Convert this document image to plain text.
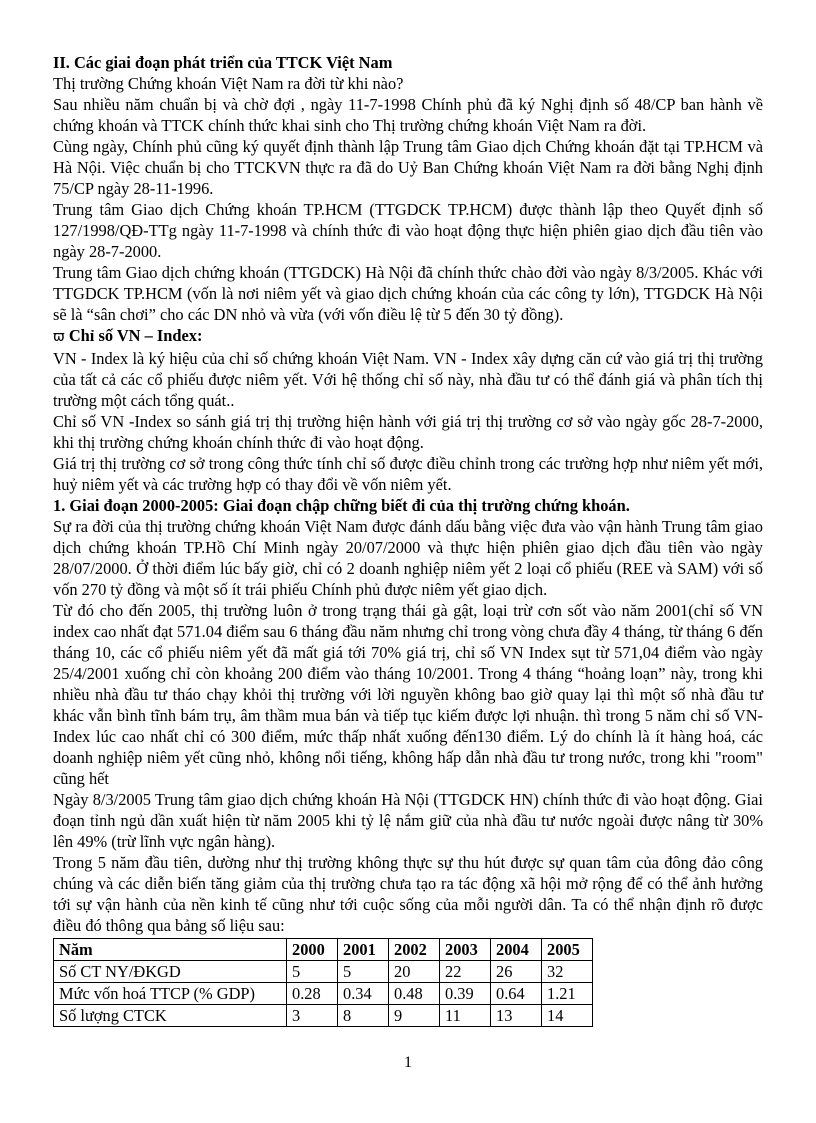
II. Các giai đoạn phát triển của TTCK Việt Nam

Thị trường Chứng khoán Việt Nam ra đời từ khi nào?

Sau nhiều năm chuẩn bị và chờ đợi , ngày 11-7-1998 Chính phủ đã ký Nghị định số 48/CP ban hành về chứng khoán và TTCK chính thức khai sinh cho Thị trường chứng khoán Việt Nam ra đời.

Cùng ngày, Chính phủ cũng ký quyết định thành lập Trung tâm Giao dịch Chứng khoán đặt tại TP.HCM và Hà Nội. Việc chuẩn bị cho TTCKVN thực ra đã do Uỷ Ban Chứng khoán Việt Nam ra đời bằng Nghị định 75/CP ngày 28-11-1996.

Trung tâm Giao dịch Chứng khoán TP.HCM (TTGDCK TP.HCM) được thành lập theo Quyết định số 127/1998/QĐ-TTg ngày 11-7-1998 và chính thức đi vào hoạt động thực hiện phiên giao dịch đầu tiên vào ngày 28-7-2000.

Trung tâm Giao dịch chứng khoán (TTGDCK) Hà Nội đã chính thức chào đời vào ngày 8/3/2005. Khác với TTGDCK TP.HCM (vốn là nơi niêm yết và giao dịch chứng khoán của các công ty lớn), TTGDCK Hà Nội sẽ là “sân chơi” cho các DN nhỏ và vừa (với vốn điều lệ từ 5 đến 30 tỷ đồng).

ϖ Chỉ số VN – Index:

VN - Index là ký hiệu của chỉ số chứng khoán Việt Nam. VN - Index xây dựng căn cứ vào giá trị thị trường của tất cả các cổ phiếu được niêm yết. Với hệ thống chỉ số này, nhà đầu tư có thể đánh giá và phân tích thị trường một cách tổng quát..

Chỉ số VN -Index so sánh giá trị thị trường hiện hành với giá trị thị trường cơ sở vào ngày gốc 28-7-2000, khi thị trường chứng khoán chính thức đi vào hoạt động.

Giá trị thị trường cơ sở trong công thức tính chỉ số được điều chỉnh trong các trường hợp như niêm yết mới, huỷ niêm yết và các trường hợp có thay đổi về vốn niêm yết.

1. Giai đoạn 2000-2005: Giai đoạn chập chững biết đi của thị trường chứng khoán.

Sự ra đời của thị trường chứng khoán Việt Nam được đánh dấu bằng việc đưa vào vận hành Trung tâm giao dịch chứng khoán TP.Hồ Chí Minh ngày 20/07/2000 và thực hiện phiên giao dịch đầu tiên vào ngày 28/07/2000. Ở thời điểm lúc bấy giờ, chỉ có 2 doanh nghiệp niêm yết 2 loại cổ phiếu (REE và SAM) với số vốn 270 tỷ đồng và một số ít trái phiếu Chính phủ được niêm yết giao dịch.

Từ đó cho đến 2005, thị trường luôn ở trong trạng thái gà gật, loại trừ cơn sốt vào năm 2001(chỉ số VN index cao nhất đạt 571.04 điểm sau 6 tháng đầu năm nhưng chỉ trong vòng chưa đầy 4 tháng, từ tháng 6 đến tháng 10, các cổ phiếu niêm yết đã mất giá tới 70% giá trị, chỉ số VN Index sụt từ 571,04 điểm vào ngày 25/4/2001 xuống chỉ còn khoảng 200 điểm vào tháng 10/2001. Trong 4 tháng “hoảng loạn” này, trong khi nhiều nhà đầu tư tháo chạy khỏi thị trường với lời nguyền không bao giờ quay lại thì một số nhà đầu tư khác vẫn bình tĩnh bám trụ, âm thầm mua bán và tiếp tục kiếm được lợi nhuận. thì trong 5 năm chỉ số VN-Index lúc cao nhất chỉ có 300 điểm, mức thấp nhất xuống đến130 điểm. Lý do chính là ít hàng hoá, các doanh nghiệp niêm yết cũng nhỏ, không nổi tiếng, không hấp dẫn nhà đầu tư trong nước, trong khi "room" cũng hết

Ngày 8/3/2005 Trung tâm giao dịch chứng khoán Hà Nội (TTGDCK HN) chính thức đi vào hoạt động. Giai đoạn tỉnh ngủ dần xuất hiện từ năm 2005 khi tỷ lệ nắm giữ của nhà đầu tư nước ngoài được nâng từ 30% lên 49% (trừ lĩnh vực ngân hàng).

Trong 5 năm đầu tiên, dường như thị trường không thực sự thu hút được sự quan tâm của đông đảo công chúng và các diễn biến tăng giảm của thị trường chưa tạo ra tác động xã hội mở rộng để có thể ảnh hưởng tới sự vận hành của nền kinh tế cũng như tới cuộc sống của mỗi người dân. Ta có thể nhận định rõ được điều đó thông qua bảng số liệu sau:

Năm	2000	2001	2002	2003	2004	2005
Số CT NY/ĐKGD	5	5	20	22	26	32
Mức vốn hoá TTCP (% GDP)	0.28	0.34	0.48	0.39	0.64	1.21
Số lượng CTCK	3	8	9	11	13	14
1
